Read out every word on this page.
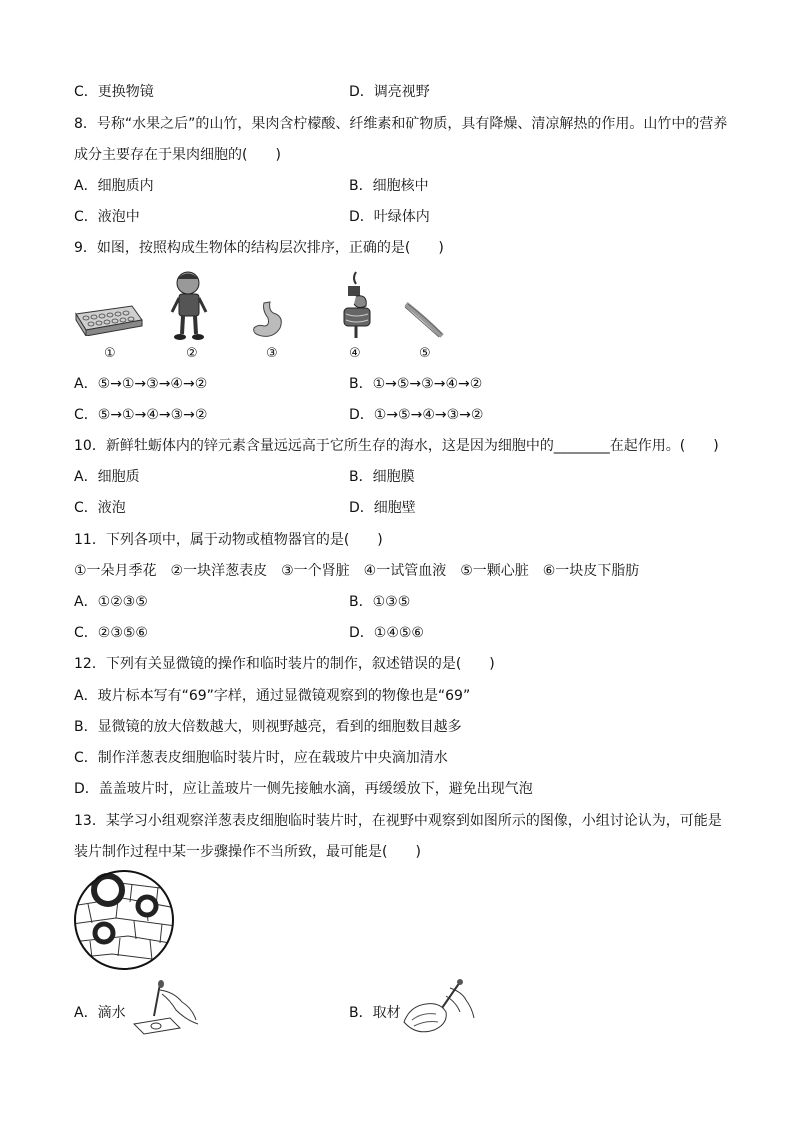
C．更换物镜	D．调亮视野
8．号称“水果之后”的山竹，果肉含柠檬酸、纤维素和矿物质，具有降燥、清凉解热的作用。山竹中的营养
成分主要存在于果肉细胞的(　　)
A．细胞质内	B．细胞核中
C．液泡中	D．叶绿体内
9．如图，按照构成生物体的结构层次排序，正确的是(　　)
①	②	③	④	⑤
A．⑤→①→③→④→②	B．①→⑤→③→④→②
C．⑤→①→④→③→②	D．①→⑤→④→③→②
10．新鲜牡蛎体内的锌元素含量远远高于它所生存的海水，这是因为细胞中的________在起作用。(　　)
A．细胞质	B．细胞膜
C．液泡	D．细胞壁
11．下列各项中，属于动物或植物器官的是(　　)
①一朵月季花　②一块洋葱表皮　③一个肾脏　④一试管血液　⑤一颗心脏　⑥一块皮下脂肪
A．①②③⑤	B．①③⑤
C．②③⑤⑥	D．①④⑤⑥
12．下列有关显微镜的操作和临时装片的制作，叙述错误的是(　　)
A．玻片标本写有“69”字样，通过显微镜观察到的物像也是“69”
B．显微镜的放大倍数越大，则视野越亮，看到的细胞数目越多
C．制作洋葱表皮细胞临时装片时，应在载玻片中央滴加清水
D．盖盖玻片时，应让盖玻片一侧先接触水滴，再缓缓放下，避免出现气泡
13．某学习小组观察洋葱表皮细胞临时装片时，在视野中观察到如图所示的图像，小组讨论认为，可能是
装片制作过程中某一步骤操作不当所致，最可能是(　　)
A．滴水	B．取材
